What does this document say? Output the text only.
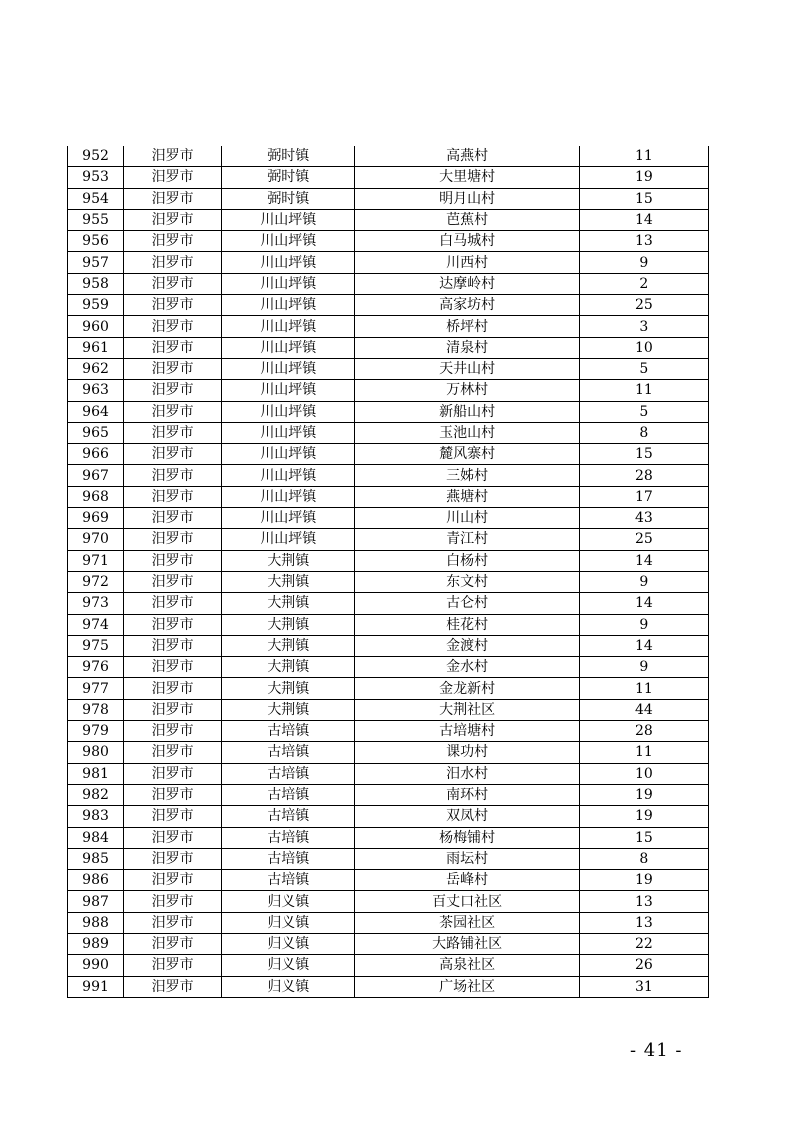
952	汨罗市	弼时镇	高燕村	11
953	汨罗市	弼时镇	大里塘村	19
954	汨罗市	弼时镇	明月山村	15
955	汨罗市	川山坪镇	芭蕉村	14
956	汨罗市	川山坪镇	白马城村	13
957	汨罗市	川山坪镇	川西村	9
958	汨罗市	川山坪镇	达摩岭村	2
959	汨罗市	川山坪镇	高家坊村	25
960	汨罗市	川山坪镇	桥坪村	3
961	汨罗市	川山坪镇	清泉村	10
962	汨罗市	川山坪镇	天井山村	5
963	汨罗市	川山坪镇	万林村	11
964	汨罗市	川山坪镇	新船山村	5
965	汨罗市	川山坪镇	玉池山村	8
966	汨罗市	川山坪镇	麓风寨村	15
967	汨罗市	川山坪镇	三姊村	28
968	汨罗市	川山坪镇	燕塘村	17
969	汨罗市	川山坪镇	川山村	43
970	汨罗市	川山坪镇	青江村	25
971	汨罗市	大荆镇	白杨村	14
972	汨罗市	大荆镇	东文村	9
973	汨罗市	大荆镇	古仑村	14
974	汨罗市	大荆镇	桂花村	9
975	汨罗市	大荆镇	金渡村	14
976	汨罗市	大荆镇	金水村	9
977	汨罗市	大荆镇	金龙新村	11
978	汨罗市	大荆镇	大荆社区	44
979	汨罗市	古培镇	古培塘村	28
980	汨罗市	古培镇	课功村	11
981	汨罗市	古培镇	汨水村	10
982	汨罗市	古培镇	南环村	19
983	汨罗市	古培镇	双凤村	19
984	汨罗市	古培镇	杨梅铺村	15
985	汨罗市	古培镇	雨坛村	8
986	汨罗市	古培镇	岳峰村	19
987	汨罗市	归义镇	百丈口社区	13
988	汨罗市	归义镇	茶园社区	13
989	汨罗市	归义镇	大路铺社区	22
990	汨罗市	归义镇	高泉社区	26
991	汨罗市	归义镇	广场社区	31
- 41 -
